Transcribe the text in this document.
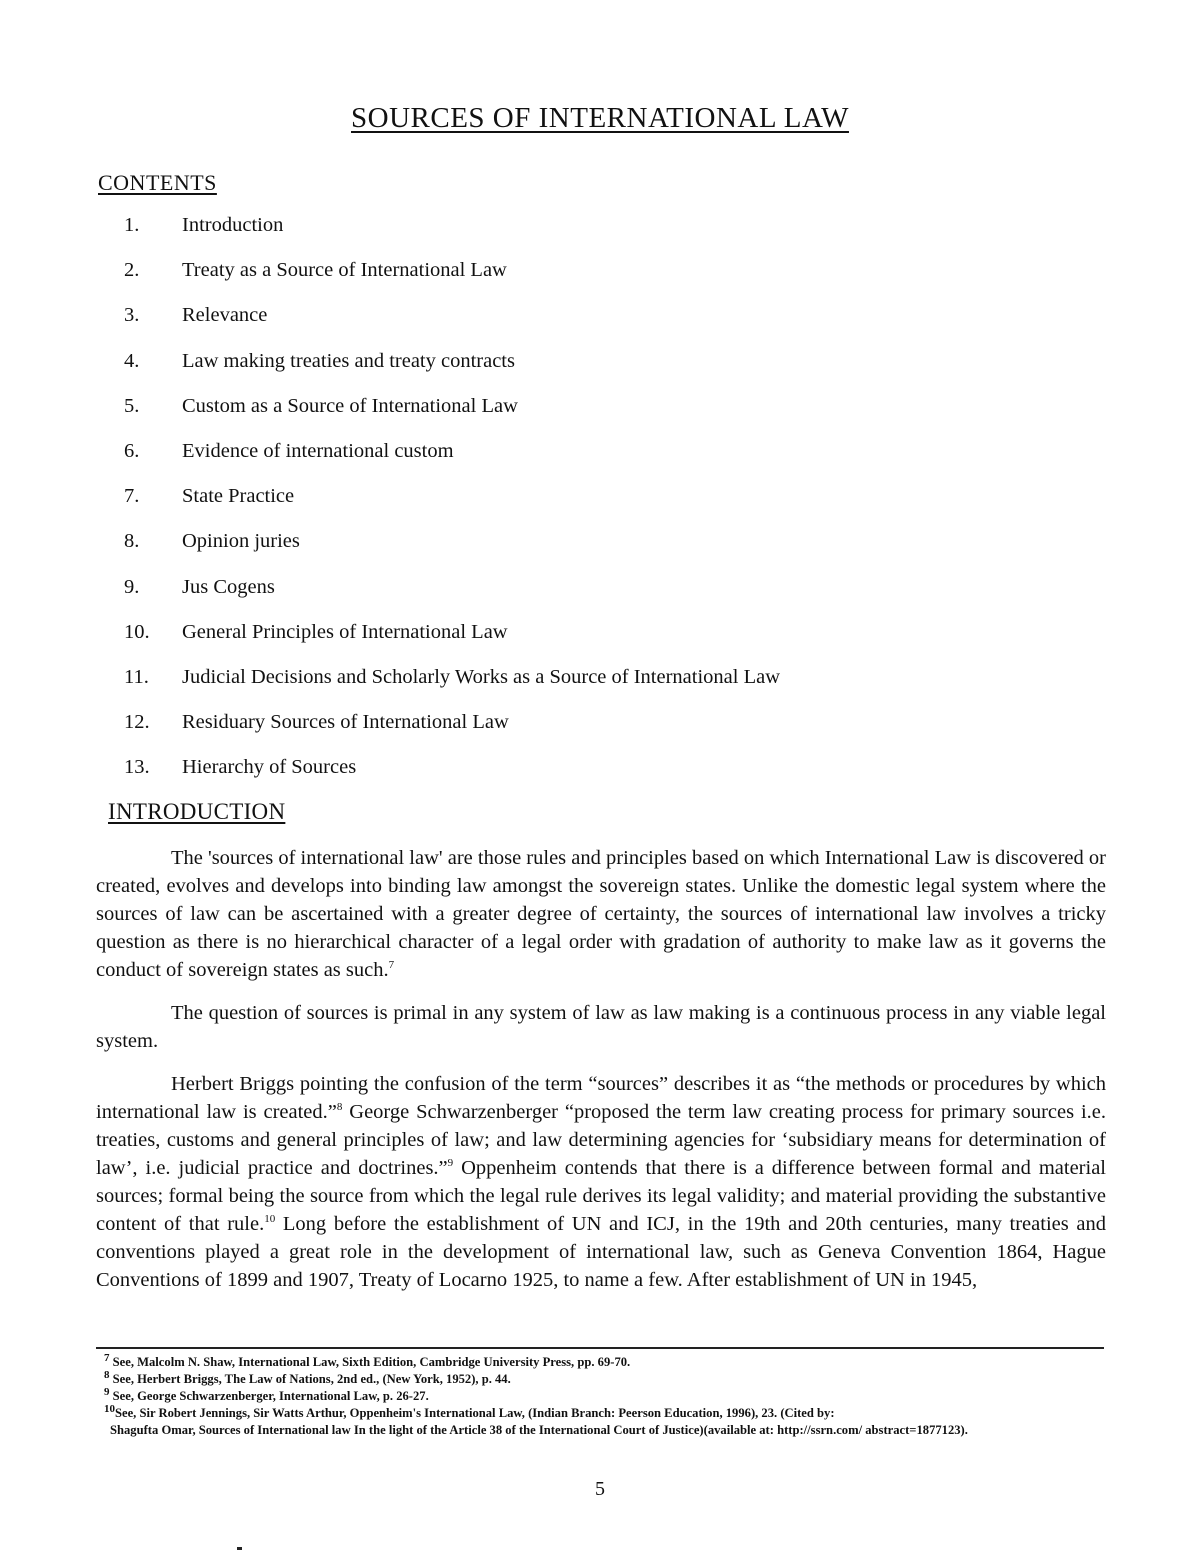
SOURCES OF INTERNATIONAL LAW
CONTENTS
1.	Introduction
2.	Treaty as a Source of International Law
3.	Relevance
4.	Law making treaties and treaty contracts
5.	Custom as a Source of International Law
6.	Evidence of international custom
7.	State Practice
8.	Opinion juries
9.	Jus Cogens
10.	General Principles of International Law
11.	Judicial Decisions and Scholarly Works as a Source of International Law
12.	Residuary Sources of International Law
13.	Hierarchy of Sources
INTRODUCTION

The 'sources of international law' are those rules and principles based on which International Law is discovered or created, evolves and develops into binding law amongst the sovereign states. Unlike the domestic legal system where the sources of law can be ascertained with a greater degree of certainty, the sources of international law involves a tricky question as there is no hierarchical character of a legal order with gradation of authority to make law as it governs the conduct of sovereign states as such.$^7$

The question of sources is primal in any system of law as law making is a continuous process in any viable legal system.

Herbert Briggs pointing the confusion of the term “sources” describes it as “the methods or procedures by which international law is created.”$^8$ George Schwarzenberger “proposed the term law creating process for primary sources i.e. treaties, customs and general principles of law; and law determining agencies for ‘subsidiary means for determination of law’, i.e. judicial practice and doctrines.”$^9$ Oppenheim contends that there is a difference between formal and material sources; formal being the source from which the legal rule derives its legal validity; and material providing the substantive content of that rule.$^{10}$ Long before the establishment of UN and ICJ, in the 19th and 20th centuries, many treaties and conventions played a great role in the development of international law, such as Geneva Convention 1864, Hague Conventions of 1899 and 1907, Treaty of Locarno 1925, to name a few. After establishment of UN in 1945,

$^7$ See, Malcolm N. Shaw, International Law, Sixth Edition, Cambridge University Press, pp. 69-70.
$^8$ See, Herbert Briggs, The Law of Nations, 2nd ed., (New York, 1952), p. 44.
$^9$ See, George Schwarzenberger, International Law, p. 26-27.
$^{10}$See, Sir Robert Jennings, Sir Watts Arthur, Oppenheim's International Law, (Indian Branch: Peerson Education, 1996), 23. (Cited by:
Shagufta Omar, Sources of International law In the light of the Article 38 of the International Court of Justice)(available at: http://ssrn.com/ abstract=1877123).
5
